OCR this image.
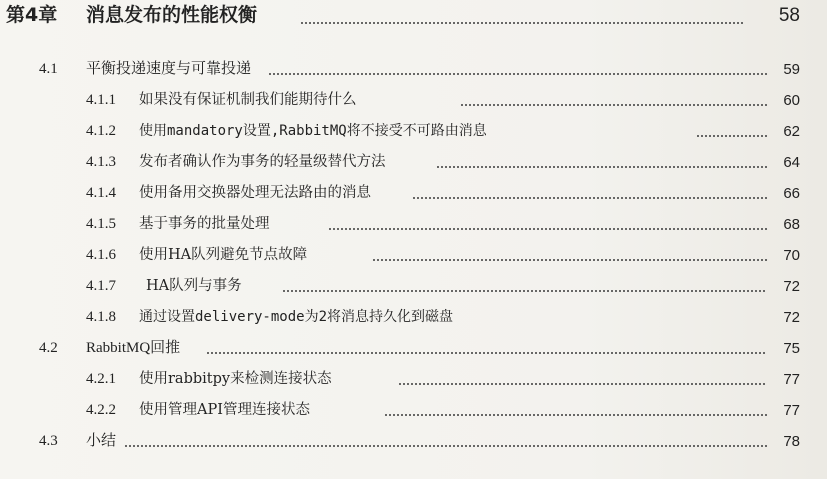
第4章 消息发布的性能权衡	58
4.1 平衡投递速度与可靠投递	59
4.1.1 如果没有保证机制我们能期待什么	60
4.1.2 使用mandatory设置,RabbitMQ将不接受不可路由消息	62
4.1.3 发布者确认作为事务的轻量级替代方法	64
4.1.4 使用备用交换器处理无法路由的消息	66
4.1.5 基于事务的批量处理	68
4.1.6 使用HA队列避免节点故障	70
4.1.7 HA队列与事务	72
4.1.8 通过设置delivery-mode为2将消息持久化到磁盘	72
4.2 RabbitMQ回推	75
4.2.1 使用rabbitpy来检测连接状态	77
4.2.2 使用管理API管理连接状态	77
4.3 小结	78
